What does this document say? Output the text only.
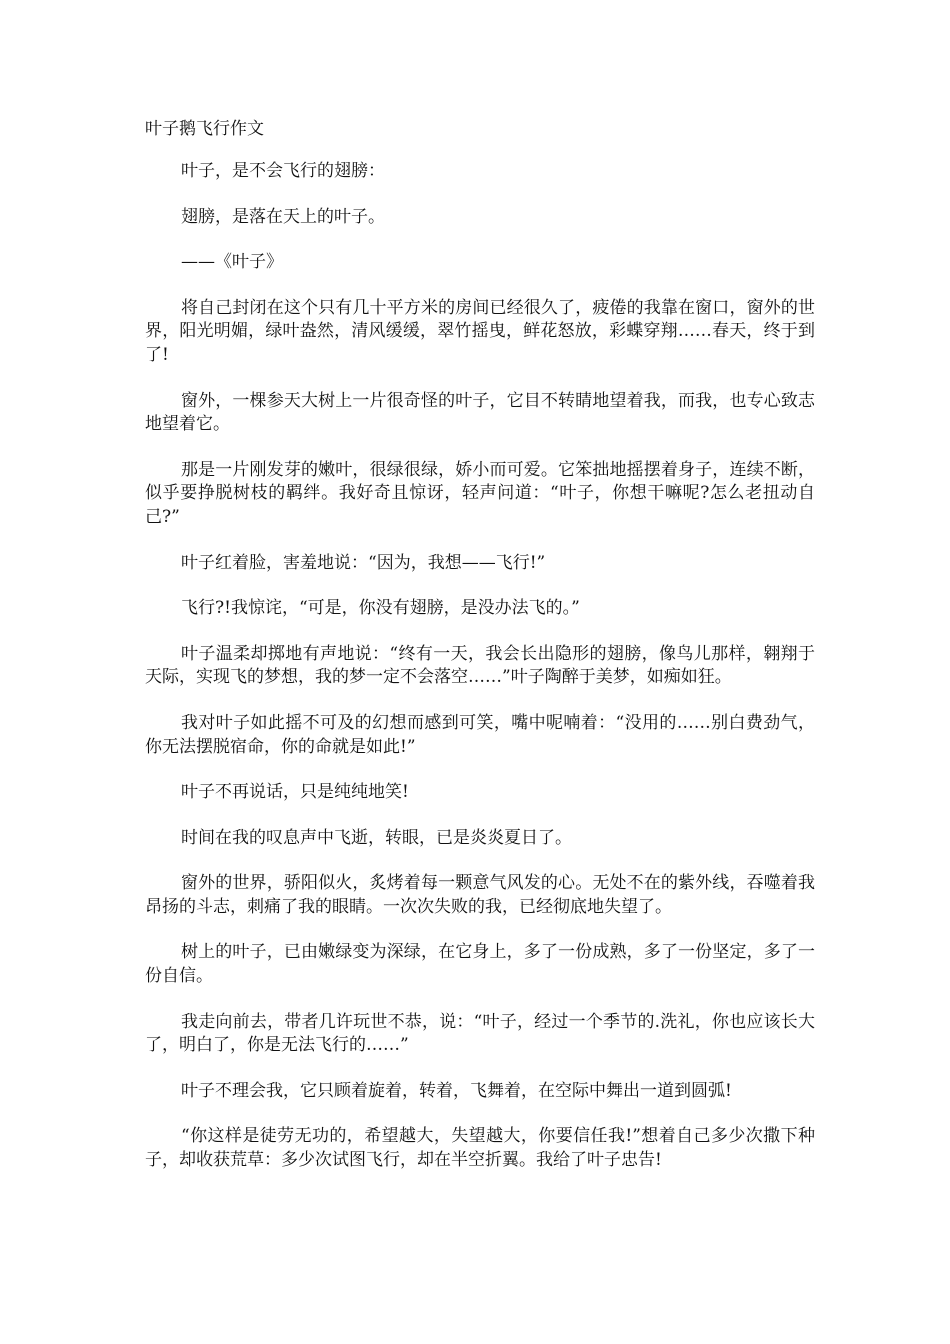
叶子鹅飞行作文

叶子，是不会飞行的翅膀：

翅膀，是落在天上的叶子。

——《叶子》

将自己封闭在这个只有几十平方米的房间已经很久了，疲倦的我靠在窗口，窗外的世界，阳光明媚，绿叶盎然，清风缓缓，翠竹摇曳，鲜花怒放，彩蝶穿翔……春天，终于到了!

窗外，一棵参天大树上一片很奇怪的叶子，它目不转睛地望着我，而我，也专心致志地望着它。

那是一片刚发芽的嫩叶，很绿很绿，娇小而可爱。它笨拙地摇摆着身子，连续不断，似乎要挣脱树枝的羁绊。我好奇且惊讶，轻声问道：“叶子，你想干嘛呢?怎么老扭动自己?”

叶子红着脸，害羞地说：“因为，我想——飞行!”

飞行?!我惊诧，“可是，你没有翅膀，是没办法飞的。”

叶子温柔却掷地有声地说：“终有一天，我会长出隐形的翅膀，像鸟儿那样，翱翔于天际，实现飞的梦想，我的梦一定不会落空……”叶子陶醉于美梦，如痴如狂。

我对叶子如此摇不可及的幻想而感到可笑，嘴中呢喃着：“没用的……别白费劲气，你无法摆脱宿命，你的命就是如此!”

叶子不再说话，只是纯纯地笑!

时间在我的叹息声中飞逝，转眼，已是炎炎夏日了。

窗外的世界，骄阳似火，炙烤着每一颗意气风发的心。无处不在的紫外线，吞噬着我昂扬的斗志，刺痛了我的眼睛。一次次失败的我，已经彻底地失望了。

树上的叶子，已由嫩绿变为深绿，在它身上，多了一份成熟，多了一份坚定，多了一份自信。

我走向前去，带者几许玩世不恭，说：“叶子，经过一个季节的.洗礼，你也应该长大了，明白了，你是无法飞行的……”

叶子不理会我，它只顾着旋着，转着，飞舞着，在空际中舞出一道到圆弧!

“你这样是徒劳无功的，希望越大，失望越大，你要信任我!”想着自己多少次撒下种子，却收获荒草：多少次试图飞行，却在半空折翼。我给了叶子忠告!
